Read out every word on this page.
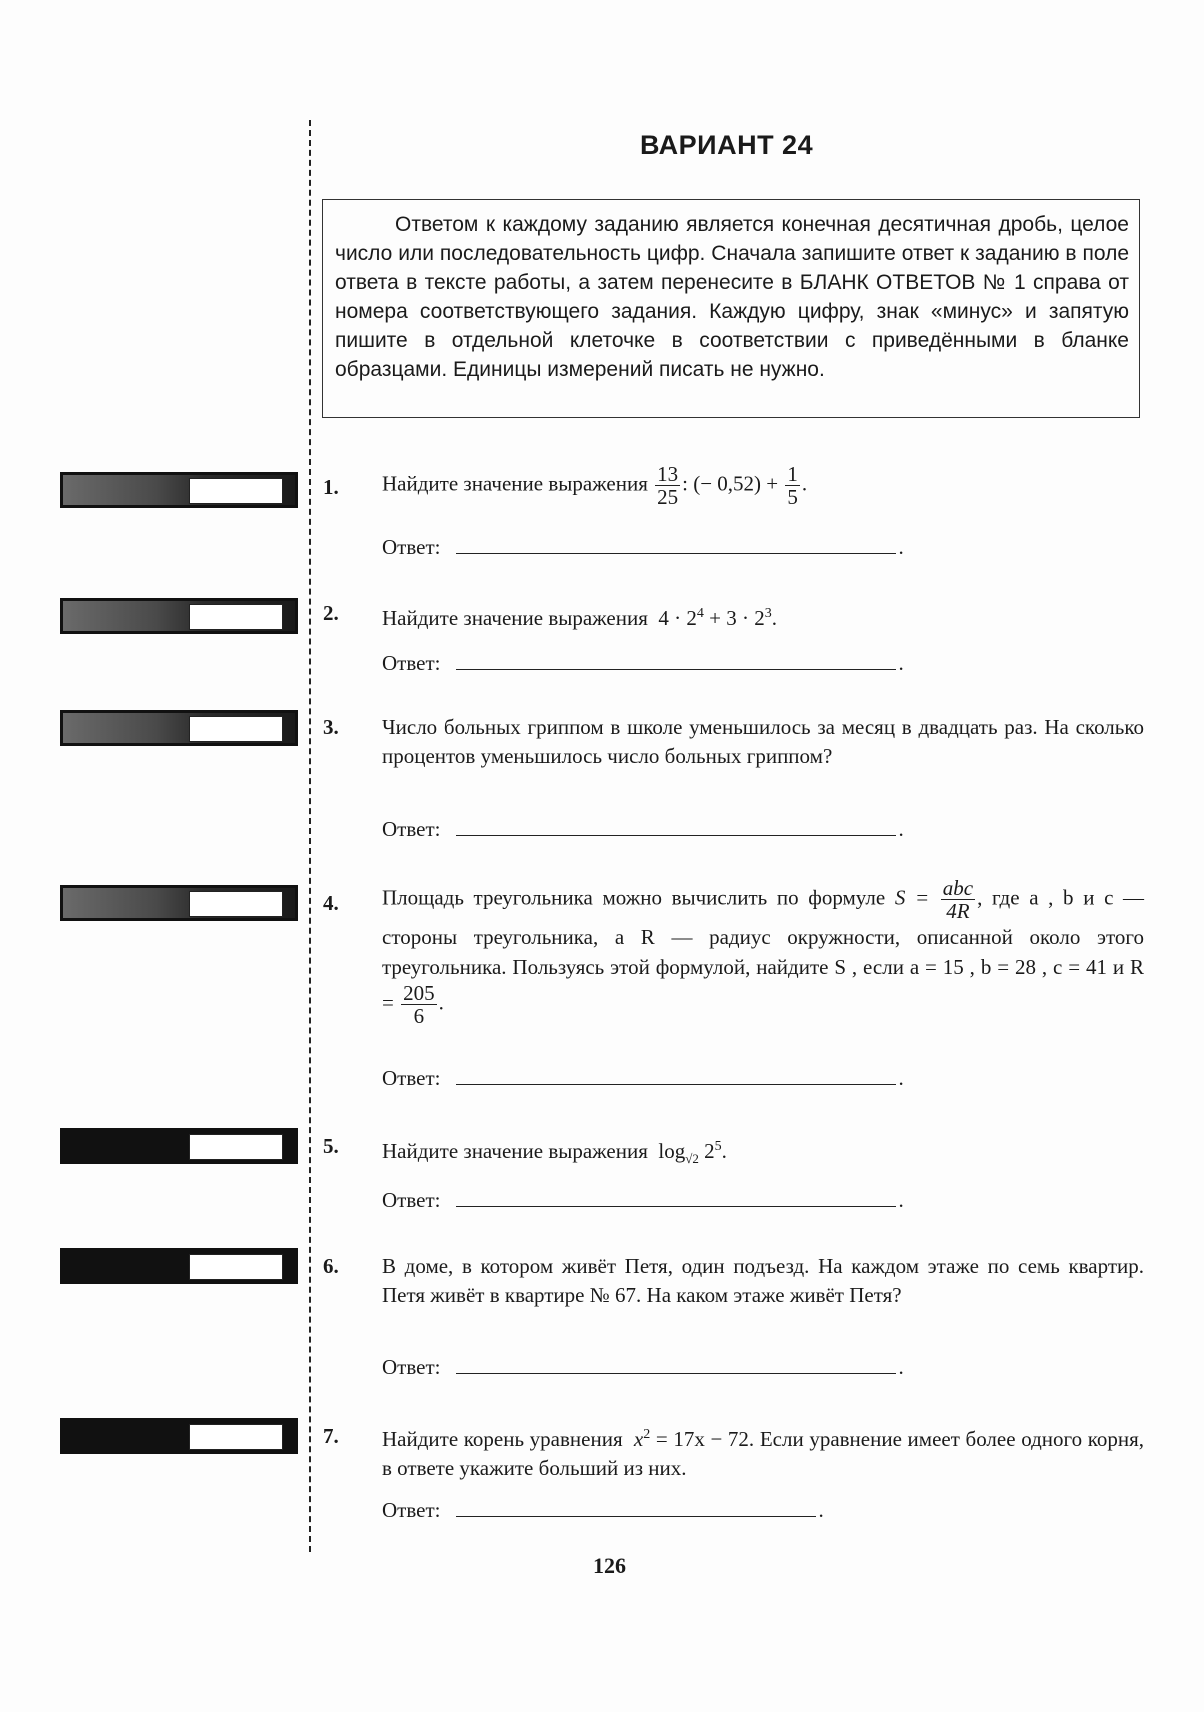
ВАРИАНТ 24
Ответом к каждому заданию является конечная десятичная дробь, целое число или последовательность цифр. Сначала запишите ответ к заданию в поле ответа в тексте работы, а затем перенесите в БЛАНК ОТВЕТОВ № 1 справа от номера соответствующего задания. Каждую цифру, знак «минус» и запятую пишите в отдельной клеточке в соответствии с приведёнными в бланке образцами. Единицы измерений писать не нужно.
1. Найдите значение выражения $\frac{13}{25}$ : (− $0,52) + \frac{1}{5}$ .
Ответ:	.
2. Найдите значение выражения $4 \cdot 2^4 + 3 \cdot 2^3$.
Ответ:	.
3. Число больных гриппом в школе уменьшилось за месяц в двадцать раз. На сколько процентов уменьшилось число больных гриппом?
Ответ:	.
4. Площадь треугольника можно вычислить по формуле $S = \frac{\text{abc}}{4R}$ , где a , b и c — стороны треугольника, а R — радиус окружности, описанной около этого треугольника. Пользуясь этой формулой, найдите S , если a = 15 , b = 28 , c = 41 и $R = \frac{205}{6}$ .
Ответ:	.
5. Найдите значение выражения $\log_{√2} 2^5$.
Ответ:	.
6. В доме, в котором живёт Петя, один подъезд. На каждом этаже по семь квартир. Петя живёт в квартире № 67. На каком этаже живёт Петя?
Ответ:	.
7. Найдите корень уравнения $x^2 = 17x - 72$. Если уравнение имеет более одного корня, в ответе укажите больший из них.
Ответ:	.
126
